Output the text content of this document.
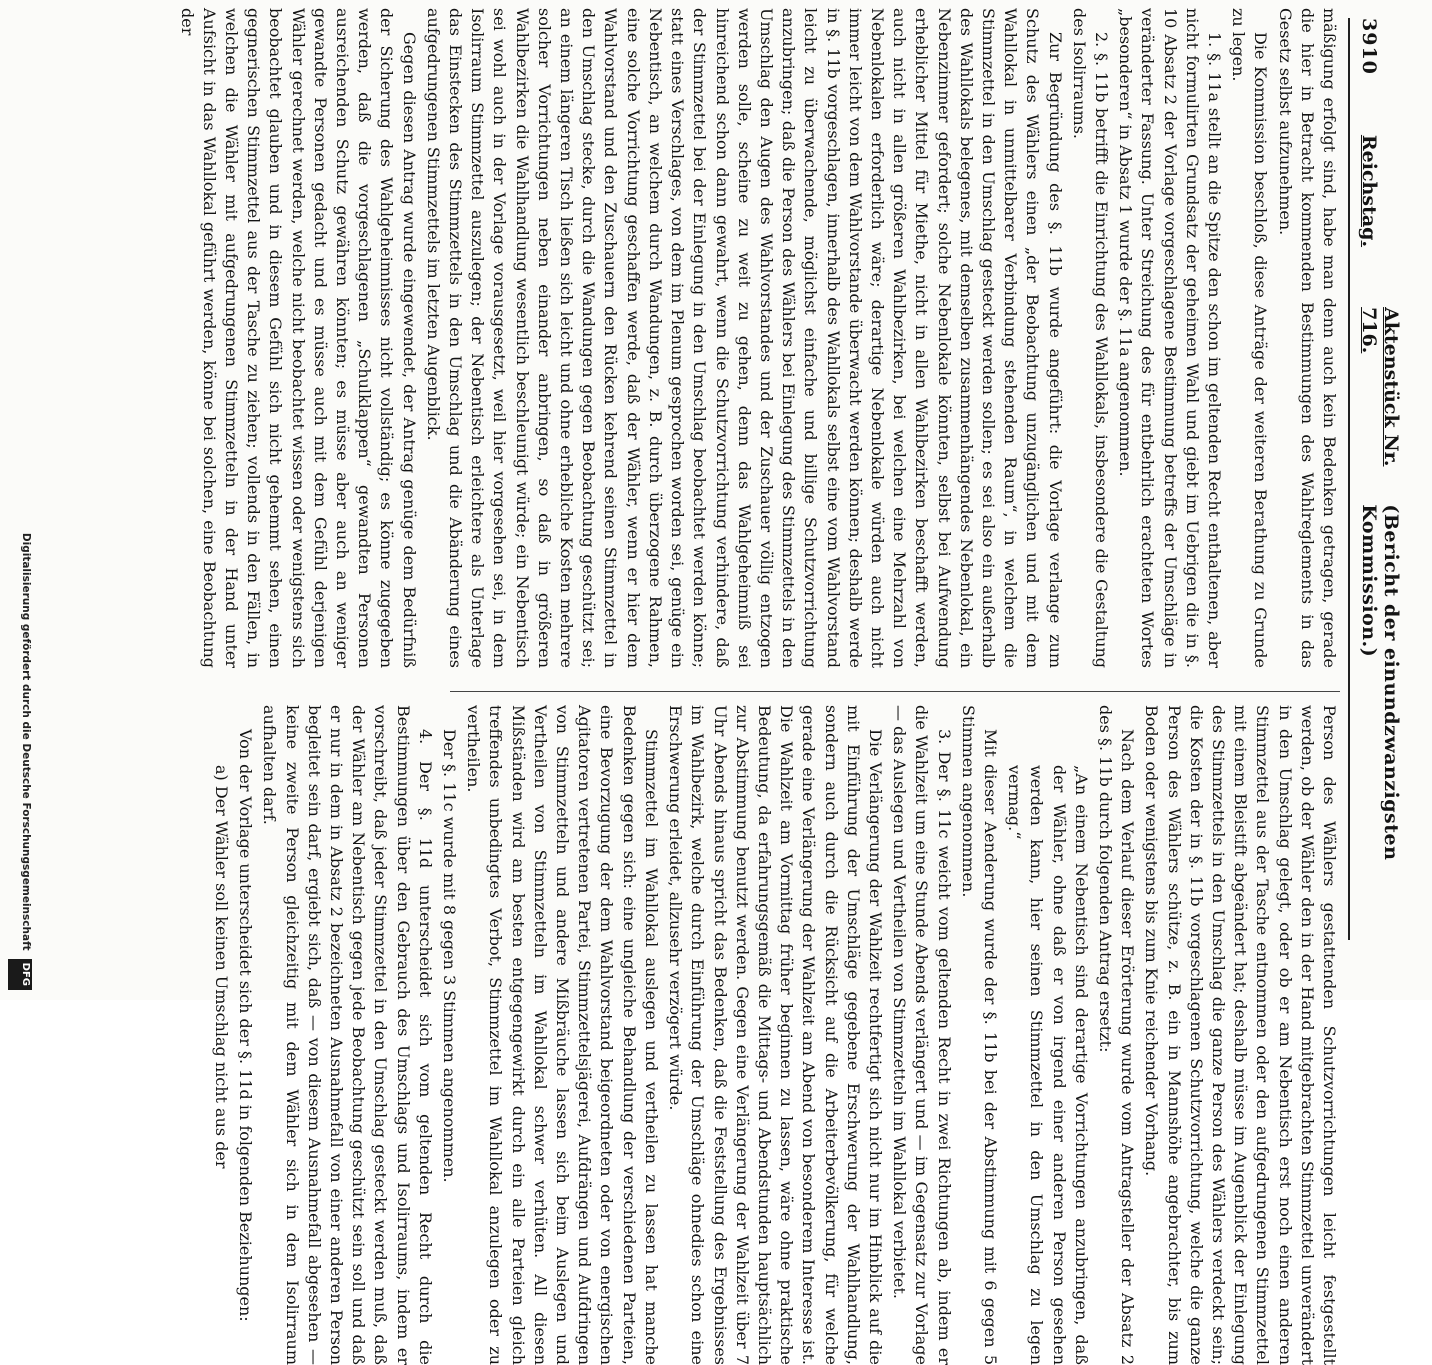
3910
Reichstag.
Aktenstück Nr. 716.
(Bericht der einundzwanzigsten Kommission.)

mäßigung erfolgt sind, habe man denn auch kein Bedenken getragen, gerade die hier in Betracht kommenden Bestimmungen des Wahlreglements in das Gesetz selbst aufzunehmen.

Die Kommission beschloß, diese Anträge der weiteren Berathung zu Grunde zu legen.

1. §. 11a stellt an die Spitze den schon im geltenden Recht enthaltenen, aber nicht formulirten Grundsatz der geheimen Wahl und giebt im Uebrigen die in §. 10 Absatz 2 der Vorlage vorgeschlagene Bestimmung betreffs der Umschläge in veränderter Fassung. Unter Streichung des für entbehrlich erachteten Wortes „besonderen“ in Absatz 1 wurde der §. 11a angenommen.

2. §. 11b betrifft die Einrichtung des Wahllokals, insbesondere die Gestaltung des Isolirraums.

Zur Begründung des §. 11b wurde angeführt: die Vorlage verlange zum Schutz des Wählers einen „der Beobachtung unzugänglichen und mit dem Wahllokal in unmittelbarer Verbindung stehenden Raum“, in welchem die Stimmzettel in den Umschlag gesteckt werden sollen; es sei also ein außerhalb des Wahllokals belegenes, mit demselben zusammenhängendes Nebenlokal, ein Nebenzimmer gefordert; solche Nebenlokale könnten, selbst bei Aufwendung erheblicher Mittel für Miethe, nicht in allen Wahlbezirken beschafft werden, auch nicht in allen größeren Wahlbezirken, bei welchen eine Mehrzahl von Nebenlokalen erforderlich wäre; derartige Nebenlokale würden auch nicht immer leicht von dem Wahlvorstande überwacht werden können; deshalb werde in §. 11b vorgeschlagen, innerhalb des Wahllokals selbst eine vom Wahlvorstand leicht zu überwachende, möglichst einfache und billige Schutzvorrichtung anzubringen; daß die Person des Wählers bei Einlegung des Stimmzettels in den Umschlag den Augen des Wahlvorstandes und der Zuschauer völlig entzogen werden solle, scheine zu weit zu gehen, denn das Wahlgeheimniß sei hinreichend schon dann gewahrt, wenn die Schutzvorrichtung verhindere, daß der Stimmzettel bei der Einlegung in den Umschlag beobachtet werden könne; statt eines Verschlages, von dem im Plenum gesprochen worden sei, genüge ein Nebentisch, an welchem durch Wandungen, z. B. durch überzogene Rahmen, eine solche Vorrichtung geschaffen werde, daß der Wähler, wenn er hier dem Wahlvorstand und den Zuschauern den Rücken kehrend seinen Stimmzettel in den Umschlag stecke, durch die Wandungen gegen Beobachtung geschützt sei; an einem längeren Tisch ließen sich leicht und ohne erhebliche Kosten mehrere solcher Vorrichtungen neben einander anbringen, so daß in größeren Wahlbezirken die Wahlhandlung wesentlich beschleunigt würde; ein Nebentisch sei wohl auch in der Vorlage vorausgesetzt, weil hier vorgesehen sei, in dem Isolirraum Stimmzettel auszulegen; der Nebentisch erleichtere als Unterlage das Einstecken des Stimmzettels in den Umschlag und die Abänderung eines aufgedrungenen Stimmzettels im letzten Augenblick.

Gegen diesen Antrag wurde eingewendet, der Antrag genüge dem Bedürfniß der Sicherung des Wahlgeheimnisses nicht vollständig; es könne zugegeben werden, daß die vorgeschlagenen „Schulklappen“ gewandten Personen ausreichenden Schutz gewähren könnten; es müsse aber auch an weniger gewandte Personen gedacht und es müsse auch mit dem Gefühl derjenigen Wähler gerechnet werden, welche nicht beobachtet wissen oder wenigstens sich beobachtet glauben und in diesem Gefühl sich nicht gehemmt sehen, einen gegnerischen Stimmzettel aus der Tasche zu ziehen; vollends in den Fällen, in welchen die Wähler mit aufgedrungenen Stimmzetteln in der Hand unter Aufsicht in das Wahllokal geführt werden, könne bei solchen, eine Beobachtung der

Person des Wählers gestattenden Schutzvorrichtungen leicht festgestellt werden, ob der Wähler den in der Hand mitgebrachten Stimmzettel unverändert in den Umschlag gelegt, oder ob er am Nebentisch erst noch einen anderen Stimmzettel aus der Tasche entnommen oder den aufgedrungenen Stimmzettel mit einem Bleistift abgeändert hat; deshalb müsse im Augenblick der Einlegung des Stimmzettels in den Umschlag die ganze Person des Wählers verdeckt sein; die Kosten der in §. 11b vorgeschlagenen Schutzvorrichtung, welche die ganze Person des Wählers schütze, z. B. ein in Mannshöhe angebrachter, bis zum Boden oder wenigstens bis zum Knie reichender Vorhang.

Nach dem Verlauf dieser Erörterung wurde vom Antragsteller der Absatz 2 des §. 11b durch folgenden Antrag ersetzt:

„An einem Nebentisch sind derartige Vorrichtungen anzubringen, daß der Wähler, ohne daß er von irgend einer anderen Person gesehen werden kann, hier seinen Stimmzettel in den Umschlag zu legen vermag.“

Mit dieser Aenderung wurde der §. 11b bei der Abstimmung mit 6 gegen 5 Stimmen angenommen.

3. Der §. 11c weicht vom geltenden Recht in zwei Richtungen ab, indem er die Wahlzeit um eine Stunde Abends verlängert und — im Gegensatz zur Vorlage — das Auslegen und Vertheilen von Stimmzetteln im Wahllokal verbietet.

Die Verlängerung der Wahlzeit rechtfertigt sich nicht nur im Hinblick auf die mit Einführung der Umschläge gegebene Erschwerung der Wahlhandlung, sondern auch durch die Rücksicht auf die Arbeiterbevölkerung, für welche gerade eine Verlängerung der Wahlzeit am Abend von besonderem Interesse ist. Die Wahlzeit am Vormittag früher beginnen zu lassen, wäre ohne praktische Bedeutung, da erfahrungsgemäß die Mittags- und Abendstunden hauptsächlich zur Abstimmung benutzt werden. Gegen eine Verlängerung der Wahlzeit über 7 Uhr Abends hinaus spricht das Bedenken, daß die Feststellung des Ergebnisses im Wahlbezirk, welche durch Einführung der Umschläge ohnedies schon eine Erschwerung erleidet, allzusehr verzögert würde.

Stimmzettel im Wahllokal auslegen und vertheilen zu lassen hat manche Bedenken gegen sich: eine ungleiche Behandlung der verschiedenen Parteien, eine Bevorzugung der dem Wahlvorstand beigeordneten oder von energischen Agitatoren vertretenen Partei, Stimmzettelsjägerei, Aufdrängen und Aufdringen von Stimmzetteln und andere Mißbräuche lassen sich beim Auslegen und Vertheilen von Stimmzetteln im Wahllokal schwer verhüten. All diesen Mißständen wird am besten entgegengewirkt durch ein alle Parteien gleich treffendes unbedingtes Verbot, Stimmzettel im Wahllokal anzulegen oder zu vertheilen.

Der §. 11c wurde mit 8 gegen 3 Stimmen angenommen.

4. Der §. 11d unterscheidet sich vom geltenden Recht durch die Bestimmungen über den Gebrauch des Umschlags und Isolirraums, indem er vorschreibt, daß jeder Stimmzettel in den Umschlag gesteckt werden muß, daß der Wähler am Nebentisch gegen jede Beobachtung geschützt sein soll und daß er nur in dem in Absatz 2 bezeichneten Ausnahmefall von einer anderen Person begleitet sein darf, ergiebt sich, daß — von diesem Ausnahmefall abgesehen — keine zweite Person gleichzeitig mit dem Wähler sich in dem Isolirraum aufhalten darf.

Von der Vorlage unterscheidet sich der §. 11d in folgenden Beziehungen:

a) Der Wähler soll keinen Umschlag nicht aus der

Digitalisierung gefördert durch die Deutsche Forschungsgemeinschaft
DFG
